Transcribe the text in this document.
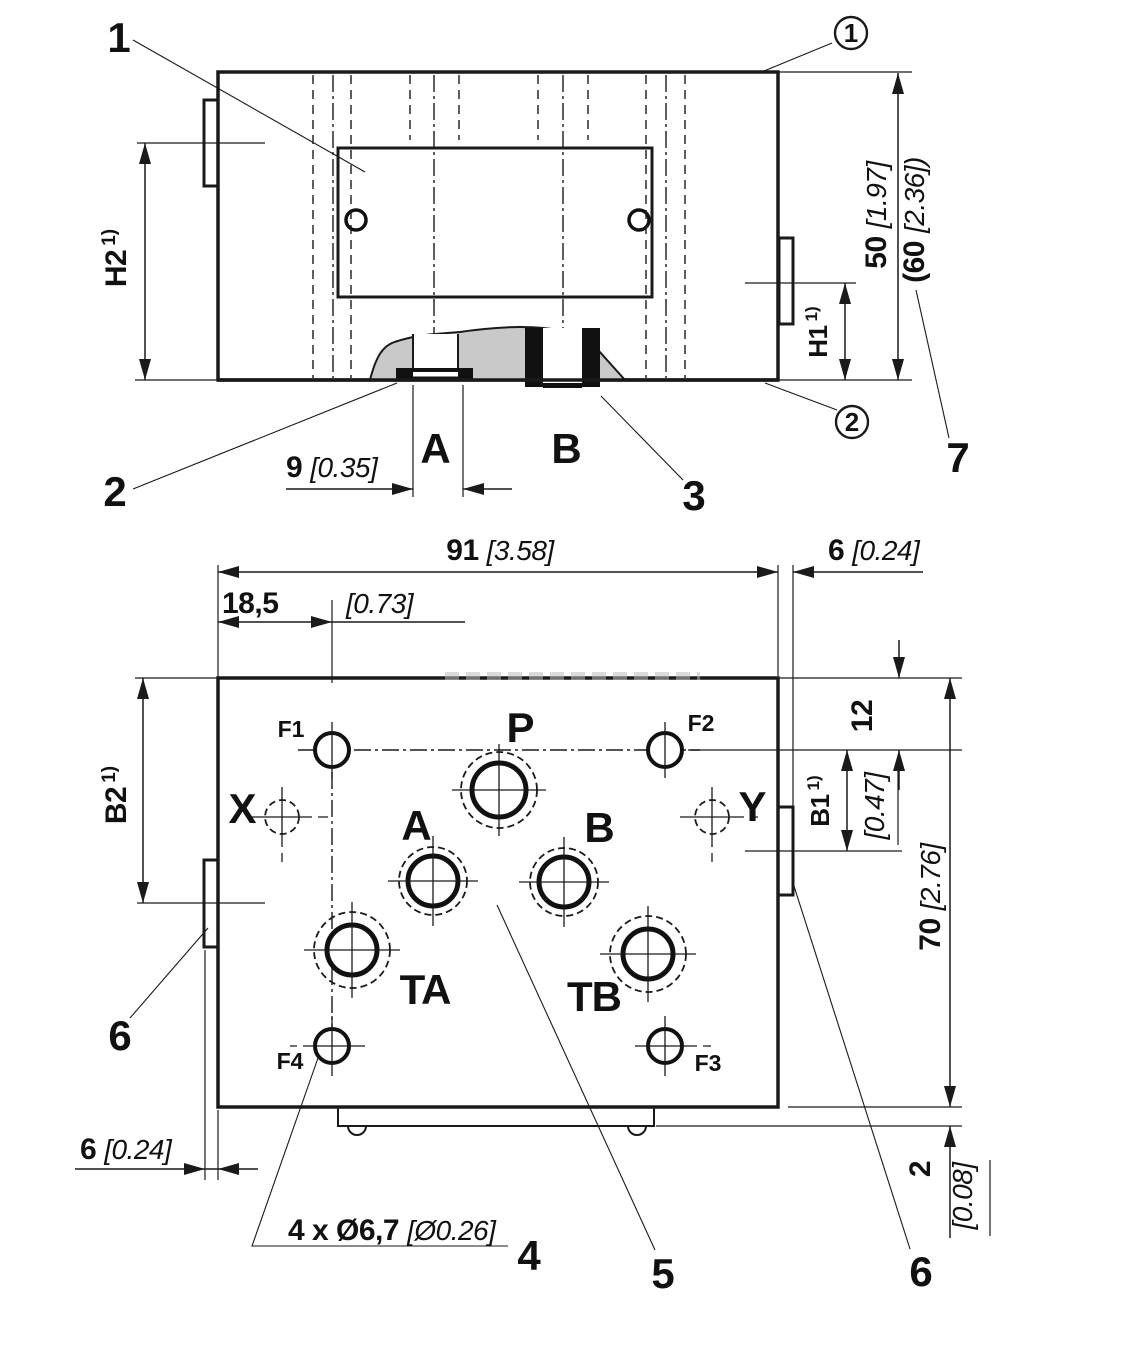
H21)
9 [0.35]
50[1.97]
(60[2.36])
H11)
A B
1	1
2
2	3
7
F1	P	F2
X	Y
A	B
TA	TB
F4	F3
91 [3.58]	6 [0.24]
18,5 [0.73]
B21)
12
B11)	[0.47]
70[2.76]
2 [0.08]
6 [0.24]
4 x Ø6,7 [Ø0.26]
4	5	6
6
